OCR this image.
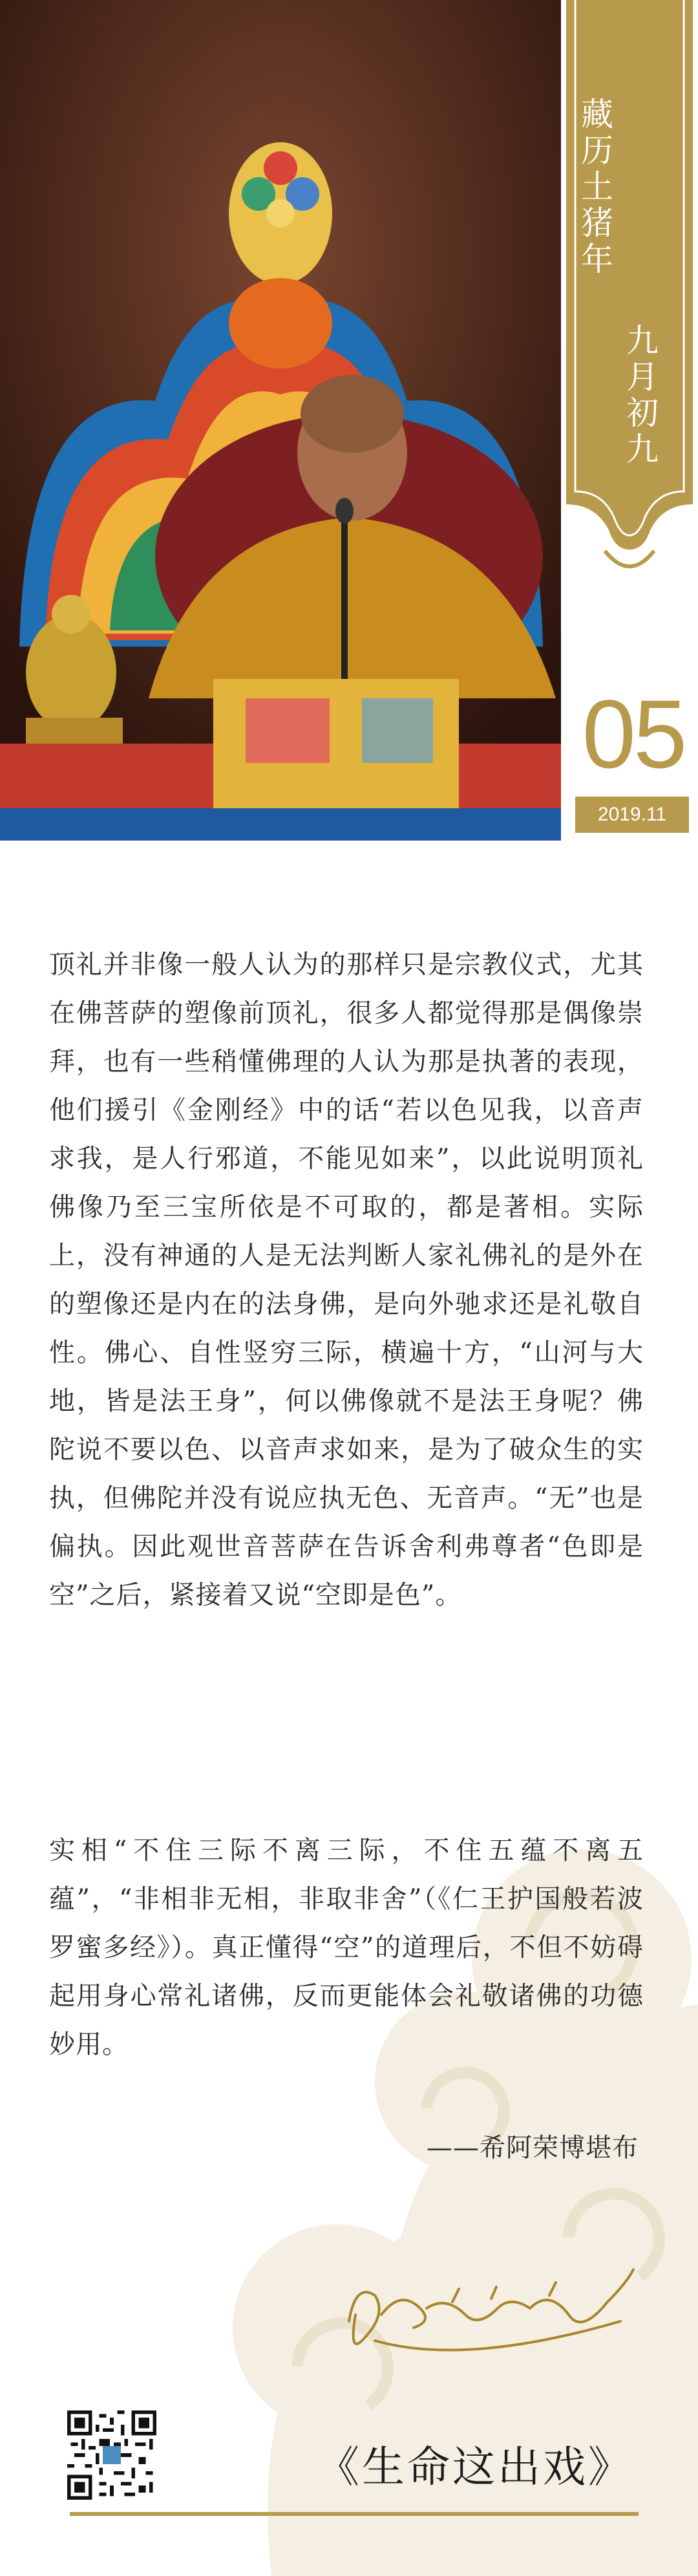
藏历土猪年
九月初九
05
2019.11
顶礼并非像一般人认为的那样只是宗教仪式，尤其在佛菩萨的塑像前顶礼，很多人都觉得那是偶像崇拜，也有一些稍懂佛理的人认为那是执著的表现，他们援引《金刚经》中的话“若以色见我，以音声求我，是人行邪道，不能见如来”，以此说明顶礼佛像乃至三宝所依是不可取的，都是著相。实际上，没有神通的人是无法判断人家礼佛礼的是外在的塑像还是内在的法身佛，是向外驰求还是礼敬自性。佛心、自性竖穷三际，横遍十方，“山河与大地，皆是法王身”，何以佛像就不是法王身呢？佛陀说不要以色、以音声求如来，是为了破众生的实执，但佛陀并没有说应执无色、无音声。“无”也是偏执。因此观世音菩萨在告诉舍利弗尊者“色即是空”之后，紧接着又说“空即是色”。
实相“不住三际不离三际，不住五蕴不离五蕴”，“非相非无相，非取非舍”（《仁王护国般若波罗蜜多经》）。真正懂得“空”的道理后，不但不妨碍起用身心常礼诸佛，反而更能体会礼敬诸佛的功德妙用。
——希阿荣博堪布
《生命这出戏》
